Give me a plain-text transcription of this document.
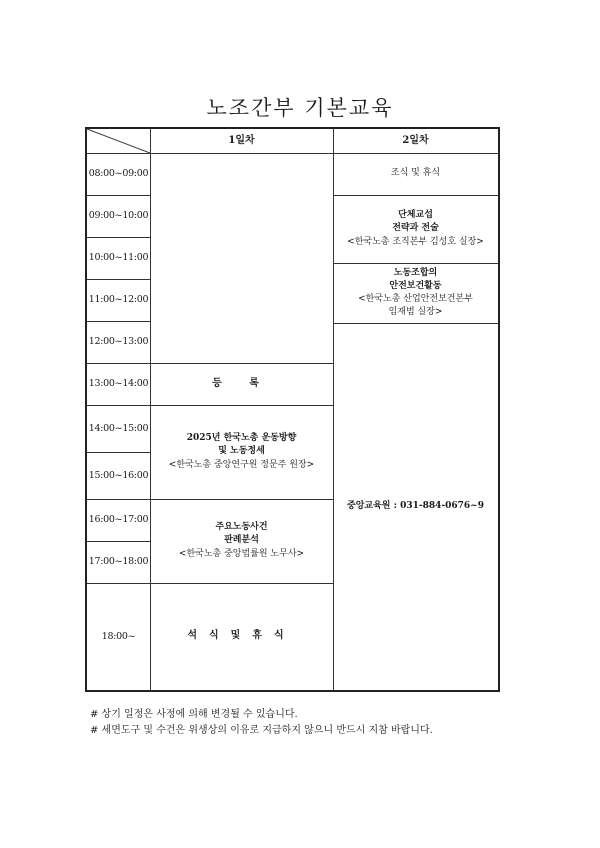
노조간부 기본교육
1일차	2일차
08:00~09:00
09:00~10:00
10:00~11:00
11:00~12:00
12:00~13:00
13:00~14:00
14:00~15:00
15:00~16:00
16:00~17:00
17:00~18:00
18:00~
등 록
2025년 한국노총 운동방향
및 노동정세
<한국노총 중앙연구원 정문주 원장>
주요노동사건
판례분석
<한국노총 중앙법률원 노무사>
석식및휴식
조식 및 휴식
단체교섭
전략과 전술
<한국노총 조직본부 김성호 실장>
노동조합의
안전보건활동
<한국노총 산업안전보건본부
임재범 실장>
중앙교육원 : 031-884-0676~9
# 상기 일정은 사정에 의해 변경될 수 있습니다.
# 세면도구 및 수건은 위생상의 이유로 지급하지 않으니 반드시 지참 바랍니다.
